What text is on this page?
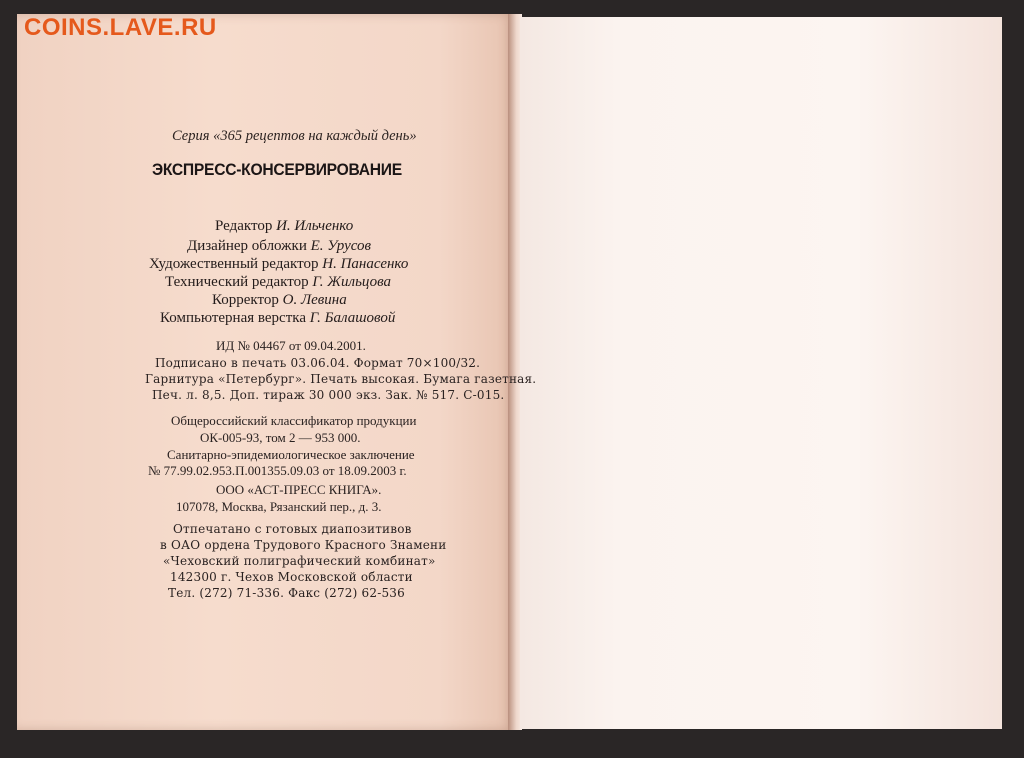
COINS.LAVE.RU
Серия «365 рецептов на каждый день»
ЭКСПРЕСС-КОНСЕРВИРОВАНИЕ
Редактор И. Ильченко
Дизайнер обложки Е. Урусов
Художественный редактор Н. Панасенко
Технический редактор Г. Жильцова
Корректор О. Левина
Компьютерная верстка Г. Балашовой
ИД № 04467 от 09.04.2001.
Подписано в печать 03.06.04. Формат 70×100/32.
Гарнитура «Петербург». Печать высокая. Бумага газетная.
Печ. л. 8,5. Доп. тираж 30 000 экз. Зак. № 517. С-015.
Общероссийский классификатор продукции
ОК-005-93, том 2 — 953 000.
Санитарно-эпидемиологическое заключение
№ 77.99.02.953.П.001355.09.03 от 18.09.2003 г.
ООО «АСТ-ПРЕСС КНИГА».
107078, Москва, Рязанский пер., д. 3.
Отпечатано с готовых диапозитивов
в ОАО ордена Трудового Красного Знамени
«Чеховский полиграфический комбинат»
142300 г. Чехов Московской области
Тел. (272) 71-336. Факс (272) 62-536
